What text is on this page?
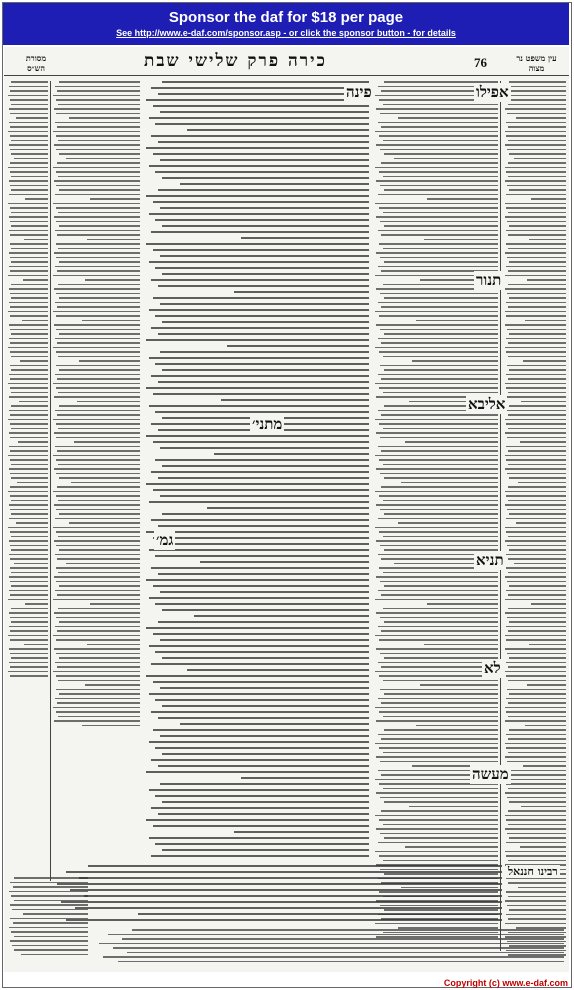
Sponsor the daf for $18 per page
See http://www.e-daf.com/sponsor.asp - or click the sponsor button - for details
76
כירה פרק שלישי שבת	עין משפט נר מצוה
מסורת הש״ס
אפילו
תנור
אליבא
תניא
לא
מעשה
פינה
מתני׳
גמ׳
רבינו חננאל
Copyright (c) www.e-daf.com
